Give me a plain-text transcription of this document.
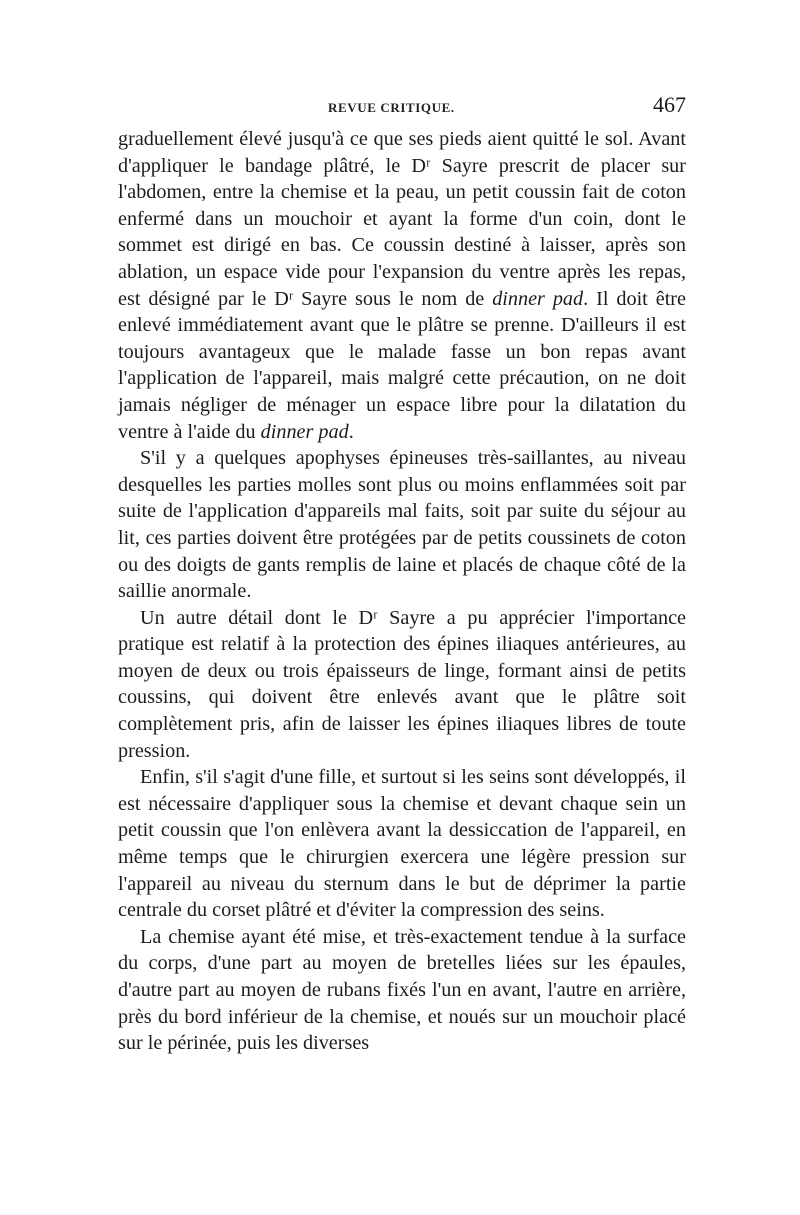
REVUE CRITIQUE.	467

graduellement élevé jusqu'à ce que ses pieds aient quitté le sol. Avant d'appliquer le bandage plâtré, le Dʳ Sayre prescrit de placer sur l'abdomen, entre la chemise et la peau, un petit coussin fait de coton enfermé dans un mouchoir et ayant la forme d'un coin, dont le sommet est dirigé en bas. Ce coussin destiné à laisser, après son ablation, un espace vide pour l'expansion du ventre après les repas, est désigné par le Dʳ Sayre sous le nom de dinner pad. Il doit être enlevé immédiatement avant que le plâtre se prenne. D'ailleurs il est toujours avantageux que le malade fasse un bon repas avant l'application de l'appareil, mais malgré cette précaution, on ne doit jamais négliger de ménager un espace libre pour la dilatation du ventre à l'aide du dinner pad.

S'il y a quelques apophyses épineuses très-saillantes, au niveau desquelles les parties molles sont plus ou moins enflammées soit par suite de l'application d'appareils mal faits, soit par suite du séjour au lit, ces parties doivent être protégées par de petits coussinets de coton ou des doigts de gants remplis de laine et placés de chaque côté de la saillie anormale.

Un autre détail dont le Dʳ Sayre a pu apprécier l'importance pratique est relatif à la protection des épines iliaques antérieures, au moyen de deux ou trois épaisseurs de linge, formant ainsi de petits coussins, qui doivent être enlevés avant que le plâtre soit complètement pris, afin de laisser les épines iliaques libres de toute pression.

Enfin, s'il s'agit d'une fille, et surtout si les seins sont développés, il est nécessaire d'appliquer sous la chemise et devant chaque sein un petit coussin que l'on enlèvera avant la dessiccation de l'appareil, en même temps que le chirurgien exercera une légère pression sur l'appareil au niveau du sternum dans le but de déprimer la partie centrale du corset plâtré et d'éviter la compression des seins.

La chemise ayant été mise, et très-exactement tendue à la surface du corps, d'une part au moyen de bretelles liées sur les épaules, d'autre part au moyen de rubans fixés l'un en avant, l'autre en arrière, près du bord inférieur de la chemise, et noués sur un mouchoir placé sur le périnée, puis les diverses
